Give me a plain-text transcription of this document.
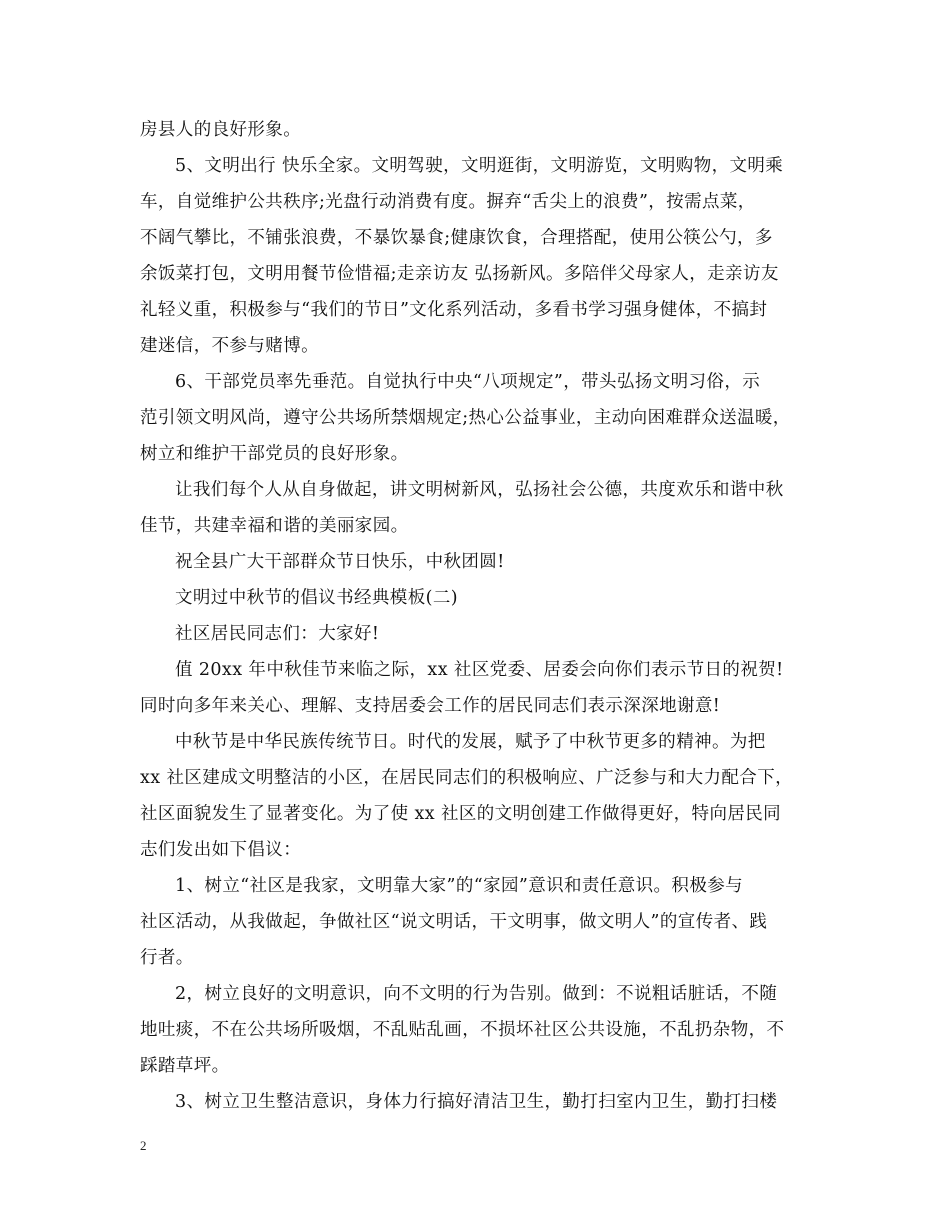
房县人的良好形象。
5、文明出行 快乐全家。文明驾驶，文明逛街，文明游览，文明购物，文明乘
车，自觉维护公共秩序;光盘行动消费有度。摒弃“舌尖上的浪费”，按需点菜，
不阔气攀比，不铺张浪费，不暴饮暴食;健康饮食，合理搭配，使用公筷公勺，多
余饭菜打包，文明用餐节俭惜福;走亲访友 弘扬新风。多陪伴父母家人，走亲访友
礼轻义重，积极参与“我们的节日”文化系列活动，多看书学习强身健体，不搞封
建迷信，不参与赌博。
6、干部党员率先垂范。自觉执行中央“八项规定”，带头弘扬文明习俗，示
范引领文明风尚，遵守公共场所禁烟规定;热心公益事业，主动向困难群众送温暖，
树立和维护干部党员的良好形象。
让我们每个人从自身做起，讲文明树新风，弘扬社会公德，共度欢乐和谐中秋
佳节，共建幸福和谐的美丽家园。
祝全县广大干部群众节日快乐，中秋团圆!
文明过中秋节的倡议书经典模板(二)
社区居民同志们：大家好!
值 20xx 年中秋佳节来临之际，xx 社区党委、居委会向你们表示节日的祝贺!
同时向多年来关心、理解、支持居委会工作的居民同志们表示深深地谢意!
中秋节是中华民族传统节日。时代的发展，赋予了中秋节更多的精神。为把
xx 社区建成文明整洁的小区，在居民同志们的积极响应、广泛参与和大力配合下，
社区面貌发生了显著变化。为了使 xx 社区的文明创建工作做得更好，特向居民同
志们发出如下倡议：
1、树立“社区是我家，文明靠大家”的“家园”意识和责任意识。积极参与
社区活动，从我做起，争做社区“说文明话，干文明事，做文明人”的宣传者、践
行者。
2，树立良好的文明意识，向不文明的行为告别。做到：不说粗话脏话，不随
地吐痰，不在公共场所吸烟，不乱贴乱画，不损坏社区公共设施，不乱扔杂物，不
踩踏草坪。
3、树立卫生整洁意识，身体力行搞好清洁卫生，勤打扫室内卫生，勤打扫楼
2
